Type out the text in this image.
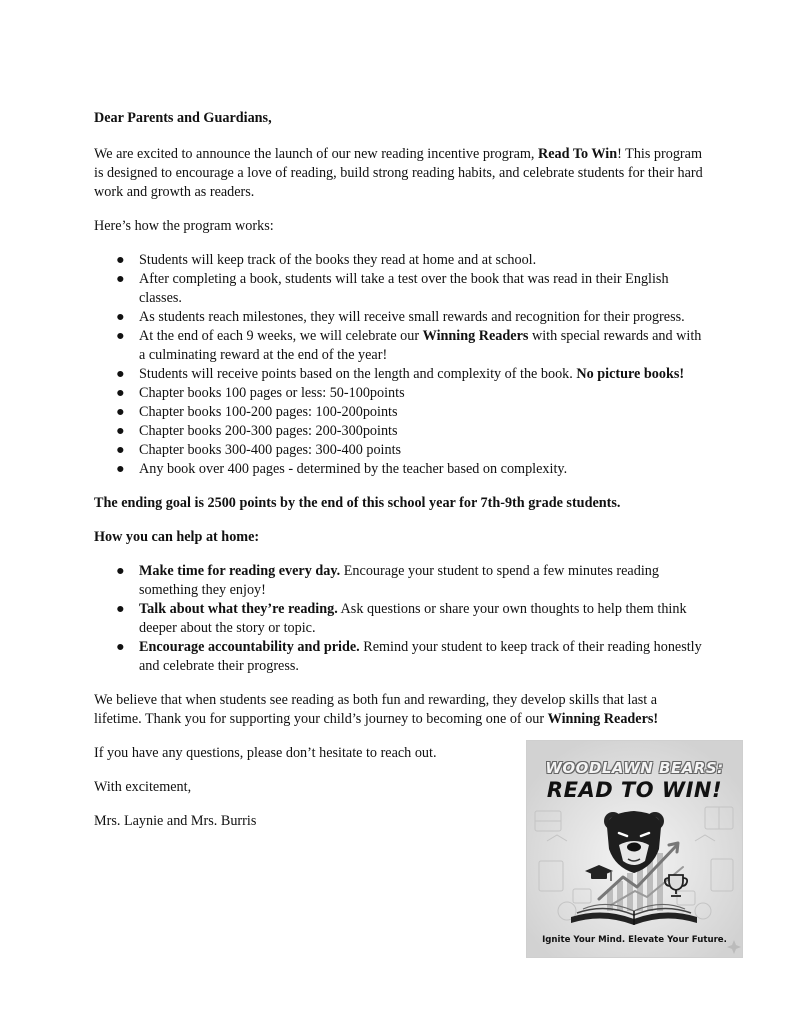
Dear Parents and Guardians,

We are excited to announce the launch of our new reading incentive program, Read To Win! This program is designed to encourage a love of reading, build strong reading habits, and celebrate students for their hard work and growth as readers.

Here’s how the program works:

● Students will keep track of the books they read at home and at school.
● After completing a book, students will take a test over the book that was read in their English classes.
● As students reach milestones, they will receive small rewards and recognition for their progress.
● At the end of each 9 weeks, we will celebrate our Winning Readers with special rewards and with a culminating reward at the end of the year!
● Students will receive points based on the length and complexity of the book. No picture books!
● Chapter books 100 pages or less: 50-100points
● Chapter books 100-200 pages: 100-200points
● Chapter books 200-300 pages: 200-300points
● Chapter books 300-400 pages: 300-400 points
● Any book over 400 pages - determined by the teacher based on complexity.

The ending goal is 2500 points by the end of this school year for 7th-9th grade students.

How you can help at home:

● Make time for reading every day. Encourage your student to spend a few minutes reading something they enjoy!
● Talk about what they’re reading. Ask questions or share your own thoughts to help them think deeper about the story or topic.
● Encourage accountability and pride. Remind your student to keep track of their reading honestly and celebrate their progress.

We believe that when students see reading as both fun and rewarding, they develop skills that last a lifetime. Thank you for supporting your child’s journey to becoming one of our Winning Readers!

If you have any questions, please don’t hesitate to reach out.

With excitement,

Mrs. Laynie and Mrs. Burris

WOODLAWN BEARS:
READ TO WIN!
Ignite Your Mind. Elevate Your Future.
